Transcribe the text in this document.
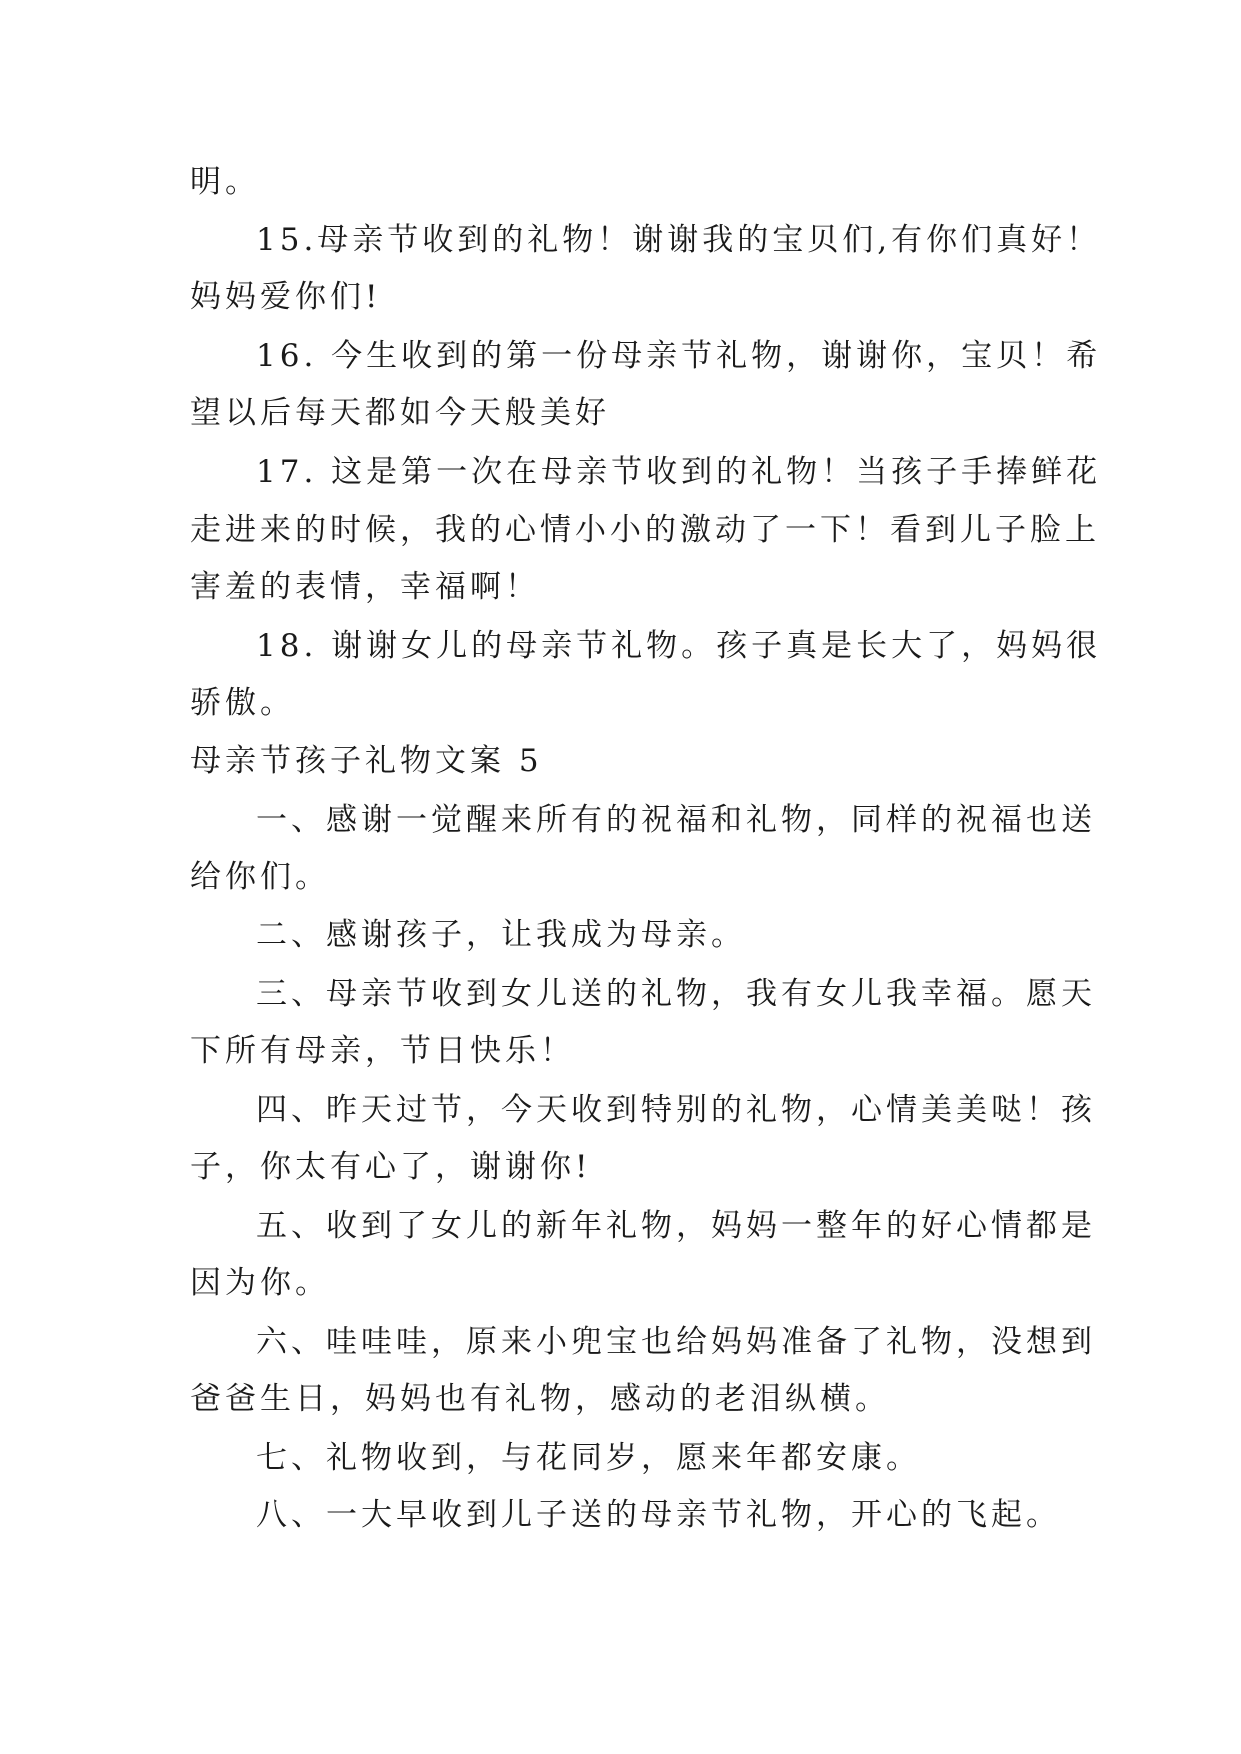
明。
15.母亲节收到的礼物！谢谢我的宝贝们,有你们真好！
妈妈爱你们!
16. 今生收到的第一份母亲节礼物，谢谢你，宝贝！希
望以后每天都如今天般美好
17. 这是第一次在母亲节收到的礼物！当孩子手捧鲜花
走进来的时候，我的心情小小的激动了一下！看到儿子脸上
害羞的表情，幸福啊！
18. 谢谢女儿的母亲节礼物。孩子真是长大了，妈妈很
骄傲。
母亲节孩子礼物文案 5
一、感谢一觉醒来所有的祝福和礼物，同样的祝福也送
给你们。
二、感谢孩子，让我成为母亲。
三、母亲节收到女儿送的礼物，我有女儿我幸福。愿天
下所有母亲，节日快乐！
四、昨天过节，今天收到特别的礼物，心情美美哒！孩
子，你太有心了，谢谢你!
五、收到了女儿的新年礼物，妈妈一整年的好心情都是
因为你。
六、哇哇哇，原来小兜宝也给妈妈准备了礼物，没想到
爸爸生日，妈妈也有礼物，感动的老泪纵横。
七、礼物收到，与花同岁，愿来年都安康。
八、一大早收到儿子送的母亲节礼物，开心的飞起。
